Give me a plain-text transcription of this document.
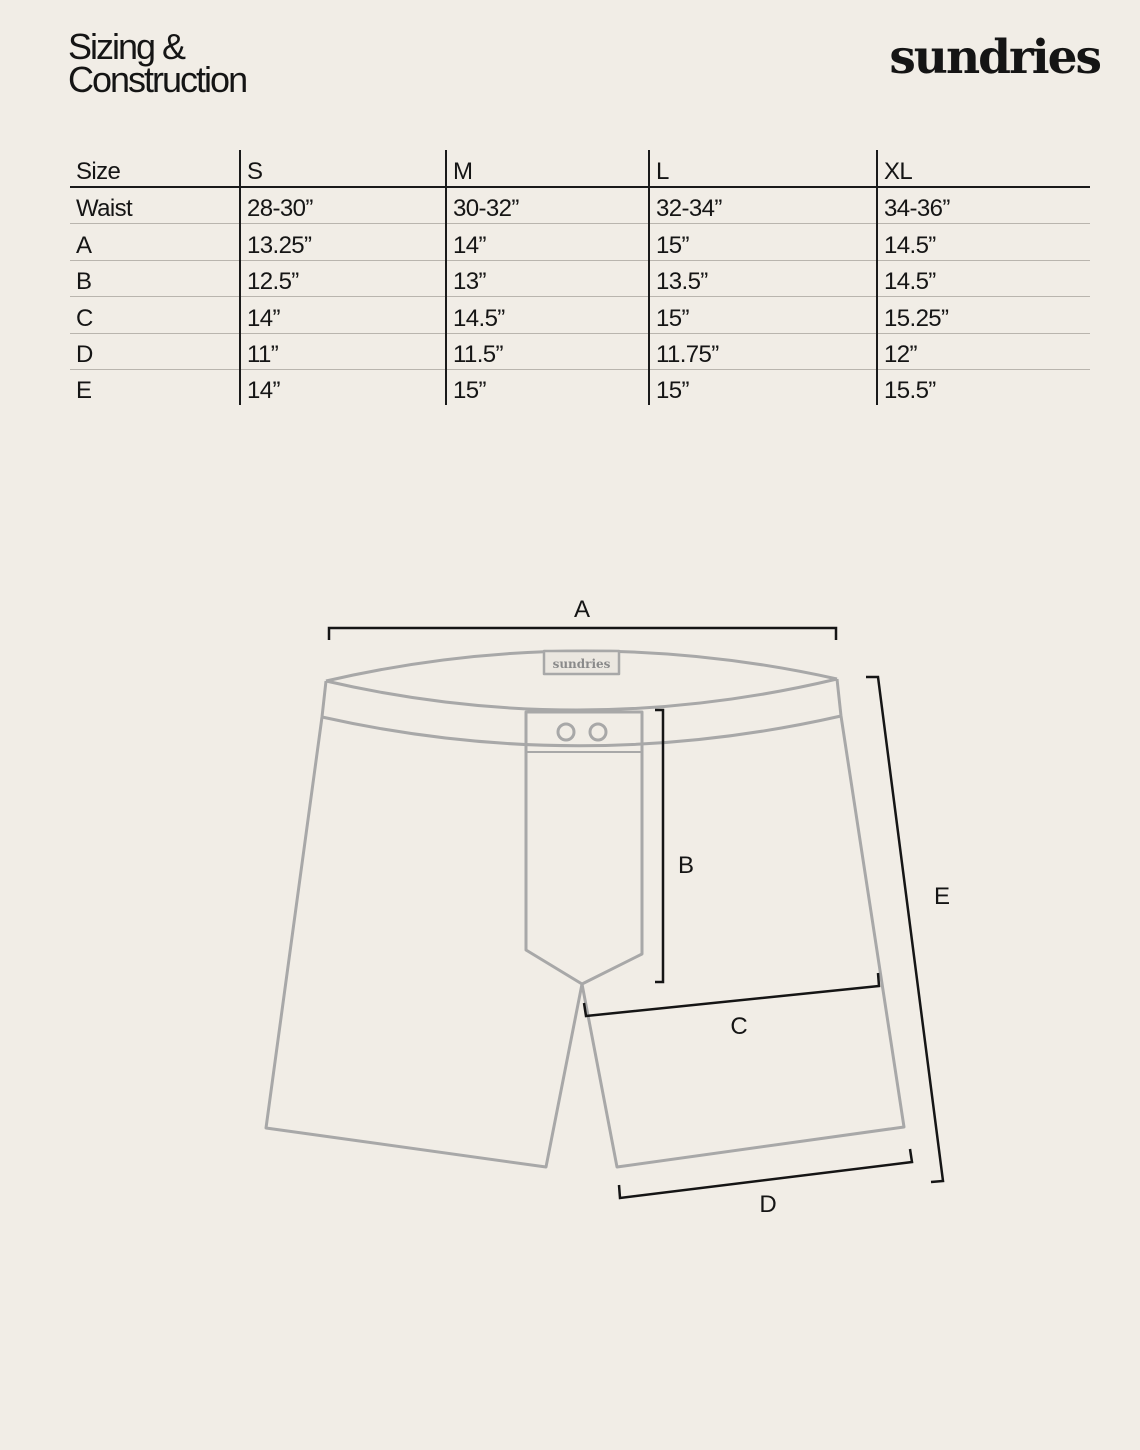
Sizing &
Construction	sundries
Size	S	M	L	XL
Waist	28-30”	30-32”	32-34”	34-36”
A	13.25”	14”	15”	14.5”
B	12.5”	13”	13.5”	14.5”
C	14”	14.5”	15”	15.25”
D	11”	11.5”	11.75”	12”
E	14”	15”	15”	15.5”
sundries
A
B
C
D
E
